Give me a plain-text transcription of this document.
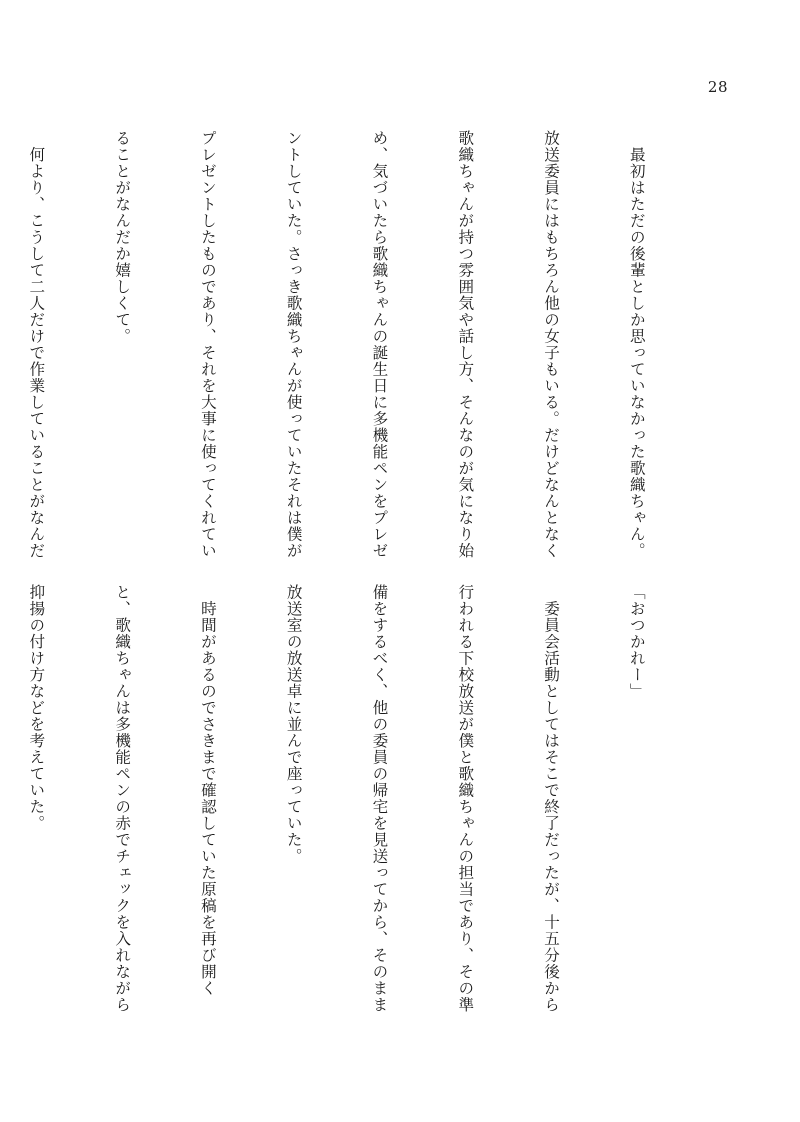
28

　最初はただの後輩としか思っていなかった歌織ちゃん。

放送委員にはもちろん他の女子もいる。だけどなんとなく

歌織ちゃんが持つ雰囲気や話し方、そんなのが気になり始

め、気づいたら歌織ちゃんの誕生日に多機能ペンをプレゼ

ントしていた。さっき歌織ちゃんが使っていたそれは僕が

プレゼントしたものであり、それを大事に使ってくれてい

ることがなんだか嬉しくて。

　何より、こうして二人だけで作業していることがなんだ

「おつかれー」

　委員会活動としてはそこで終了だったが、十五分後から

行われる下校放送が僕と歌織ちゃんの担当であり、その準

備をするべく、他の委員の帰宅を見送ってから、そのまま

放送室の放送卓に並んで座っていた。

　時間があるのでさきまで確認していた原稿を再び開く

と、歌織ちゃんは多機能ペンの赤でチェックを入れながら

抑揚の付け方などを考えていた。
